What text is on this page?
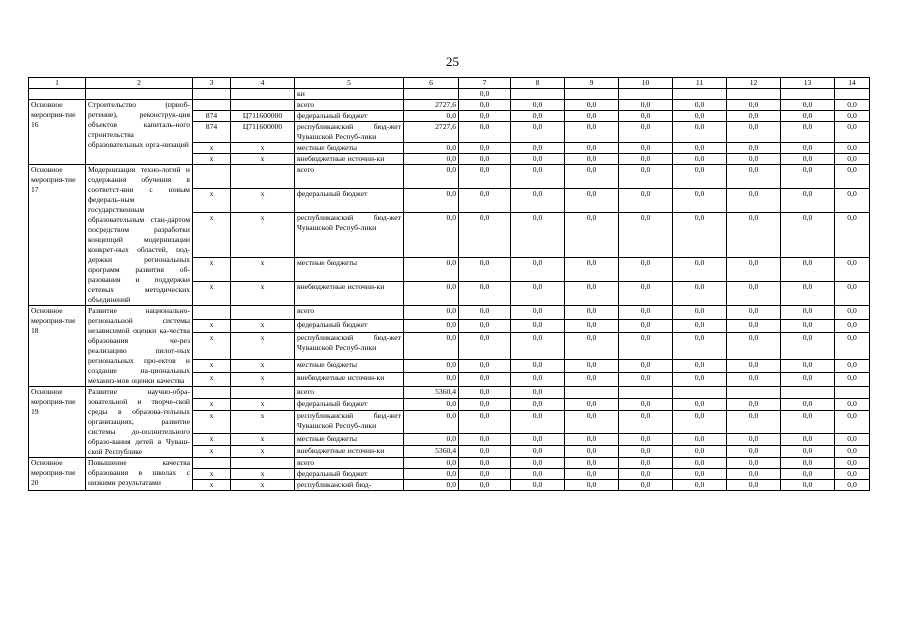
25
1	2	3	4	5	6	7	8	9	10	11	12	13	14
				ки		0,0							
Основное мероприя-тие 16	Строительство (приоб-ретение), реконструк-ция объектов капиталь-ного строительства образовательных орга-низаций			всего	2727,6	0,0	0,0	0,0	0,0	0,0	0,0	0,0	0,0
		874	Ц711600000	федеральный бюджет	0,0	0,0	0,0	0,0	0,0	0,0	0,0	0,0	0,0
		874	Ц711600000	республиканский бюд-жет Чувашской Респуб-лики	2727,6	0,0	0,0	0,0	0,0	0,0	0,0	0,0	0,0
		х	х	местные бюджеты	0,0	0,0	0,0	0,0	0,0	0,0	0,0	0,0	0,0
		х	х	внебюджетные источни-ки	0,0	0,0	0,0	0,0	0,0	0,0	0,0	0,0	0,0
Основное мероприя-тие 17	Модернизация техно-логий и содержания обучения в соответст-вии с новым федераль-ным государственным образовательным стан-дартом посредством разработки концепций модернизации конкрет-ных областей, под-держки региональных программ развития об-разования и поддержки сетевых методических объединений			всего	0,0	0,0	0,0	0,0	0,0	0,0	0,0	0,0	0,0
		х	х	федеральный бюджет	0,0	0,0	0,0	0,0	0,0	0,0	0,0	0,0	0,0
		х	х	республиканский бюд-жет Чувашской Респуб-лики	0,0	0,0	0,0	0,0	0,0	0,0	0,0	0,0	0,0
		х	х	местные бюджеты	0,0	0,0	0,0	0,0	0,0	0,0	0,0	0,0	0,0
		х	х	внебюджетные источни-ки	0,0	0,0	0,0	0,0	0,0	0,0	0,0	0,0	0,0
Основное мероприя-тие 18	Развитие национально-региональной системы независимой оценки ка-чества образования че-рез реализацию пилот-ных региональных про-ектов и создание на-циональных механиз-мов оценки качества			всего	0,0	0,0	0,0	0,0	0,0	0,0	0,0	0,0	0,0
		х	х	федеральный бюджет	0,0	0,0	0,0	0,0	0,0	0,0	0,0	0,0	0,0
		х	х	республиканский бюд-жет Чувашской Респуб-лики	0,0	0,0	0,0	0,0	0,0	0,0	0,0	0,0	0,0
		х	х	местные бюджеты	0,0	0,0	0,0	0,0	0,0	0,0	0,0	0,0	0,0
		х	х	внебюджетные источни-ки	0,0	0,0	0,0	0,0	0,0	0,0	0,0	0,0	0,0
Основное мероприя-тие 19	Развитие научно-обра-зовательной и творче-ской среды в образова-тельных организациях, развитие системы до-полнительного образо-вания детей в Чуваш-ской Республике			всего	5360,4	0,0	0,0						
		х	х	федеральный бюджет	0,0	0,0	0,0	0,0	0,0	0,0	0,0	0,0	0,0
		х	х	республиканский бюд-жет Чувашской Респуб-лики	0,0	0,0	0,0	0,0	0,0	0,0	0,0	0,0	0,0
		х	х	местные бюджеты	0,0	0,0	0,0	0,0	0,0	0,0	0,0	0,0	0,0
		х	х	внебюджетные источни-ки	5360,4	0,0	0,0	0,0	0,0	0,0	0,0	0,0	0,0
Основное мероприя-тие 20	Повышение качества образования в школах с низкими результатами			всего	0,0	0,0	0,0	0,0	0,0	0,0	0,0	0,0	0,0
		х	х	федеральный бюджет	0,0	0,0	0,0	0,0	0,0	0,0	0,0	0,0	0,0
		х	х	республиканский бюд-	0,0	0,0	0,0	0,0	0,0	0,0	0,0	0,0	0,0
